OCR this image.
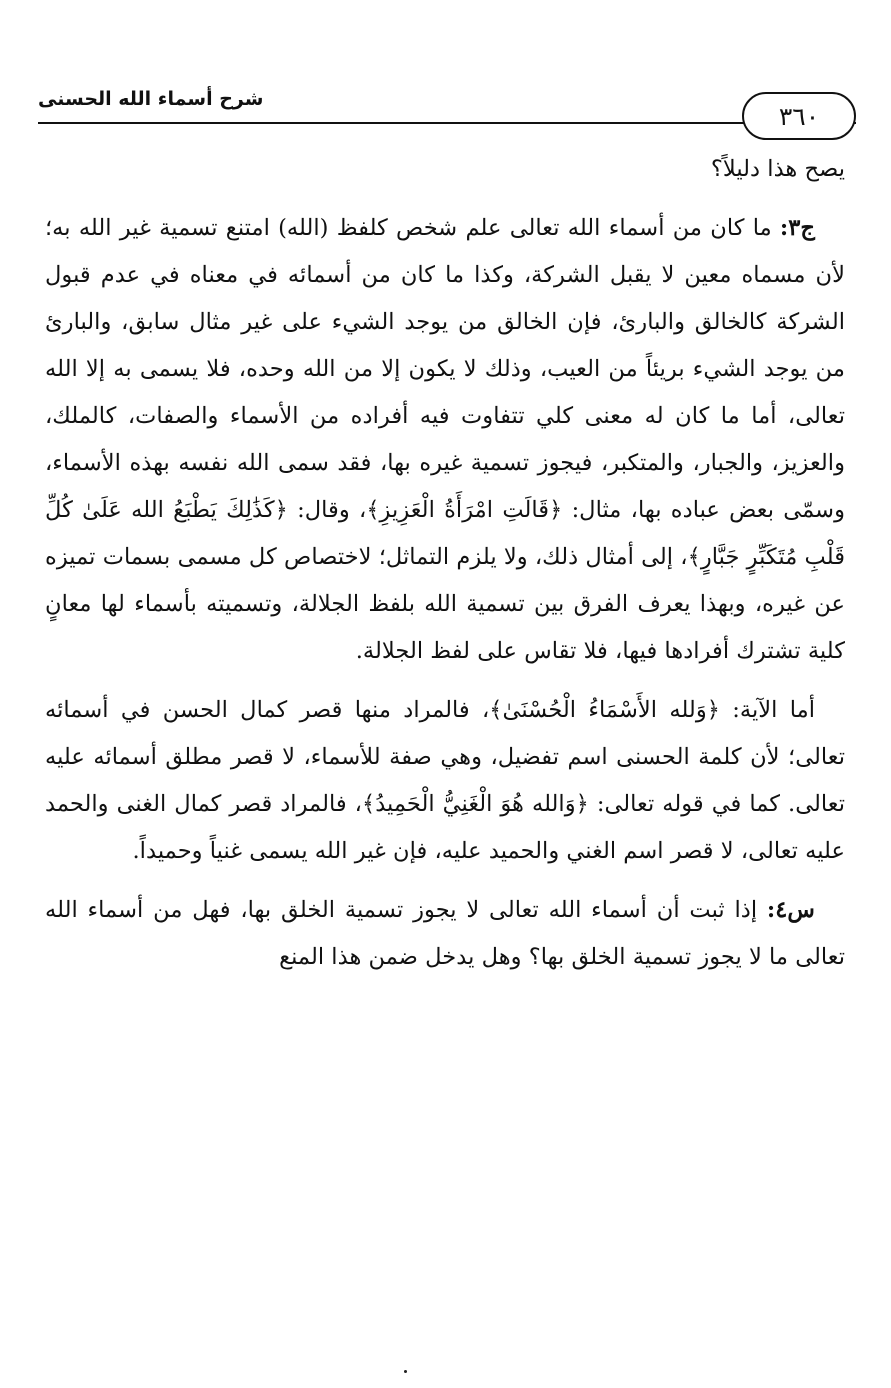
شرح أسماء الله الحسنى
٣٦٠

يصح هذا دليلاً؟

ج٣: ما كان من أسماء الله تعالى علم شخص كلفظ (الله) امتنع تسمية غير الله به؛ لأن مسماه معين لا يقبل الشركة، وكذا ما كان من أسمائه في معناه في عدم قبول الشركة كالخالق والبارئ، فإن الخالق من يوجد الشيء على غير مثال سابق، والبارئ من يوجد الشيء بريئاً من العيب، وذلك لا يكون إلا من الله وحده، فلا يسمى به إلا الله تعالى، أما ما كان له معنى كلي تتفاوت فيه أفراده من الأسماء والصفات، كالملك، والعزيز، والجبار، والمتكبر، فيجوز تسمية غيره بها، فقد سمى الله نفسه بهذه الأسماء، وسمّى بعض عباده بها، مثال: ﴿قَالَتِ امْرَأَةُ الْعَزِيزِ﴾، وقال: ﴿كَذَٰلِكَ يَطْبَعُ الله عَلَىٰ كُلِّ قَلْبِ مُتَكَبِّرٍ جَبَّارٍ﴾، إلى أمثال ذلك، ولا يلزم التماثل؛ لاختصاص كل مسمى بسمات تميزه عن غيره، وبهذا يعرف الفرق بين تسمية الله بلفظ الجلالة، وتسميته بأسماء لها معانٍ كلية تشترك أفرادها فيها، فلا تقاس على لفظ الجلالة.

أما الآية: ﴿وَلله الأَسْمَاءُ الْحُسْنَىٰ﴾، فالمراد منها قصر كمال الحسن في أسمائه تعالى؛ لأن كلمة الحسنى اسم تفضيل، وهي صفة للأسماء، لا قصر مطلق أسمائه عليه تعالى. كما في قوله تعالى: ﴿وَالله هُوَ الْغَنِيُّ الْحَمِيدُ﴾، فالمراد قصر كمال الغنى والحمد عليه تعالى، لا قصر اسم الغني والحميد عليه، فإن غير الله يسمى غنياً وحميداً.

س٤: إذا ثبت أن أسماء الله تعالى لا يجوز تسمية الخلق بها، فهل من أسماء الله تعالى ما لا يجوز تسمية الخلق بها؟ وهل يدخل ضمن هذا المنع
